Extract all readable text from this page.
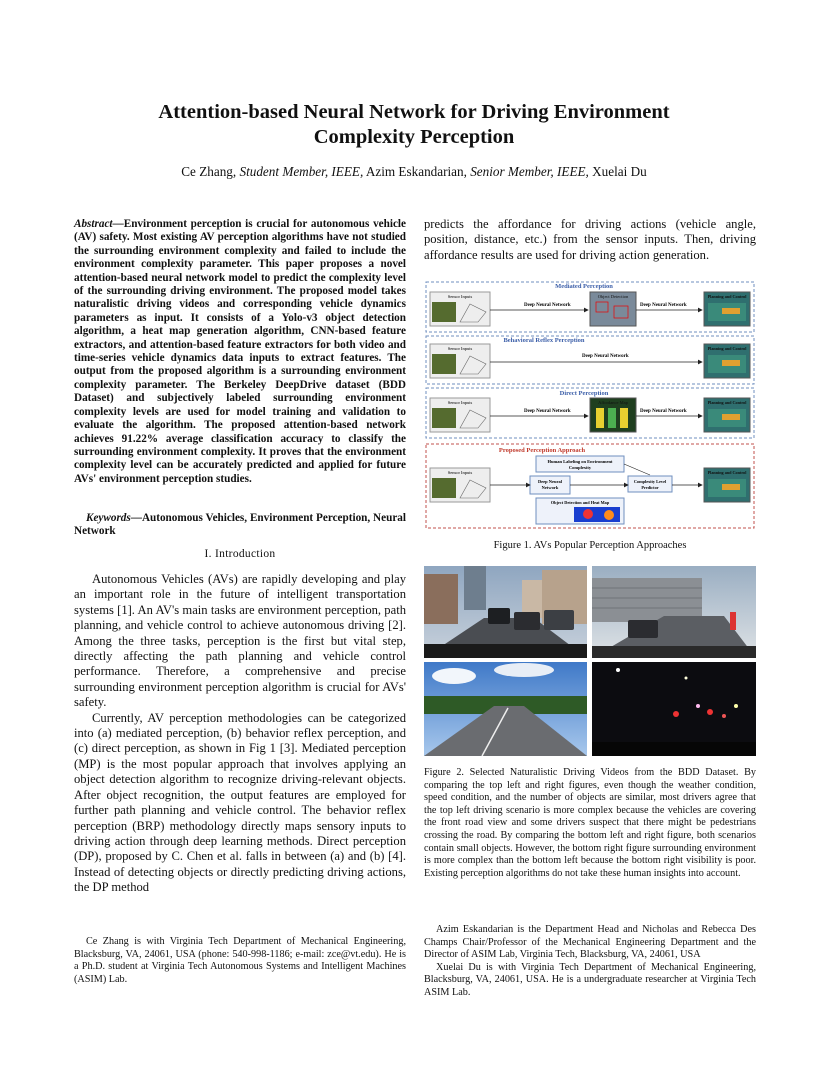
Attention-based Neural Network for Driving Environment
Complexity Perception
Ce Zhang, Student Member, IEEE, Azim Eskandarian, Senior Member, IEEE, Xuelai Du
Abstract—Environment perception is crucial for autonomous vehicle (AV) safety. Most existing AV perception algorithms have not studied the surrounding environment complexity and failed to include the environment complexity parameter. This paper proposes a novel attention-based neural network model to predict the complexity level of the surrounding driving environment. The proposed model takes naturalistic driving videos and corresponding vehicle dynamics parameters as input. It consists of a Yolo-v3 object detection algorithm, a heat map generation algorithm, CNN-based feature extractors, and attention-based feature extractors for both video and time-series vehicle dynamics data inputs to extract features. The output from the proposed algorithm is a surrounding environment complexity parameter. The Berkeley DeepDrive dataset (BDD Dataset) and subjectively labeled surrounding environment complexity levels are used for model training and validation to evaluate the algorithm. The proposed attention-based network achieves 91.22% average classification accuracy to classify the surrounding environment complexity. It proves that the environment complexity level can be accurately predicted and applied for future AVs' environment perception studies.
Keywords—Autonomous Vehicles, Environment Perception, Neural Network
I. Introduction

Autonomous Vehicles (AVs) are rapidly developing and play an important role in the future of intelligent transportation systems [1]. An AV's main tasks are environment perception, path planning, and vehicle control to achieve autonomous driving [2]. Among the three tasks, perception is the first but vital step, directly affecting the path planning and vehicle control performance. Therefore, a comprehensive and precise surrounding environment perception algorithm is crucial for AVs' safety.

Currently, AV perception methodologies can be categorized into (a) mediated perception, (b) behavior reflex perception, and (c) direct perception, as shown in Fig 1 [3]. Mediated perception (MP) is the most popular approach that involves applying an object detection algorithm to recognize driving-relevant objects. After object recognition, the output features are employed for further path planning and vehicle control. The behavior reflex perception (BRP) methodology directly maps sensory inputs to driving action through deep learning methods. Direct perception (DP), proposed by C. Chen et al. falls in between (a) and (b) [4]. Instead of detecting objects or directly predicting driving actions, the DP method

predicts the affordance for driving actions (vehicle angle, position, distance, etc.) from the sensor inputs. Then, driving affordance results are used for driving action generation.
Mediated Perception
Sensor Inputs
Deep Neural Network
Object Detection
Deep Neural Network
Planning and Control
Behavioral Reflex Perception
Sensor Inputs
Deep Neural Network
Planning and Control
Direct Perception
Sensor Inputs
Deep Neural Network
Affordance Map
Deep Neural Network
Planning and Control
Proposed Perception Approach
Sensor Inputs
Human Labeling on Environment
Complexity
Deep Neural
Network
Complexity Level
Predictor
Object Detection and Heat Map
Planning and Control
Figure 1. AVs Popular Perception Approaches
Figure 2. Selected Naturalistic Driving Videos from the BDD Dataset. By comparing the top left and right figures, even though the weather condition, speed condition, and the number of objects are similar, most drivers agree that the top left driving scenario is more complex because the vehicles are covering the front road view and some drivers suspect that there might be pedestrians crossing the road. By comparing the bottom left and right figure, both scenarios contain small objects. However, the bottom right figure surrounding environment is more complex than the bottom left because the bottom right visibility is poor. Existing perception algorithms do not take these human insights into account.

Ce Zhang is with Virginia Tech Department of Mechanical Engineering, Blacksburg, VA, 24061, USA (phone: 540-998-1186; e-mail: zce@vt.edu). He is a Ph.D. student at Virginia Tech Autonomous Systems and Intelligent Machines (ASIM) Lab.

Azim Eskandarian is the Department Head and Nicholas and Rebecca Des Champs Chair/Professor of the Mechanical Engineering Department and the Director of ASIM Lab, Virginia Tech, Blacksburg, VA, 24061, USA

Xuelai Du is with Virginia Tech Department of Mechanical Engineering, Blacksburg, VA, 24061, USA. He is a undergraduate researcher at Virginia Tech ASIM Lab.
